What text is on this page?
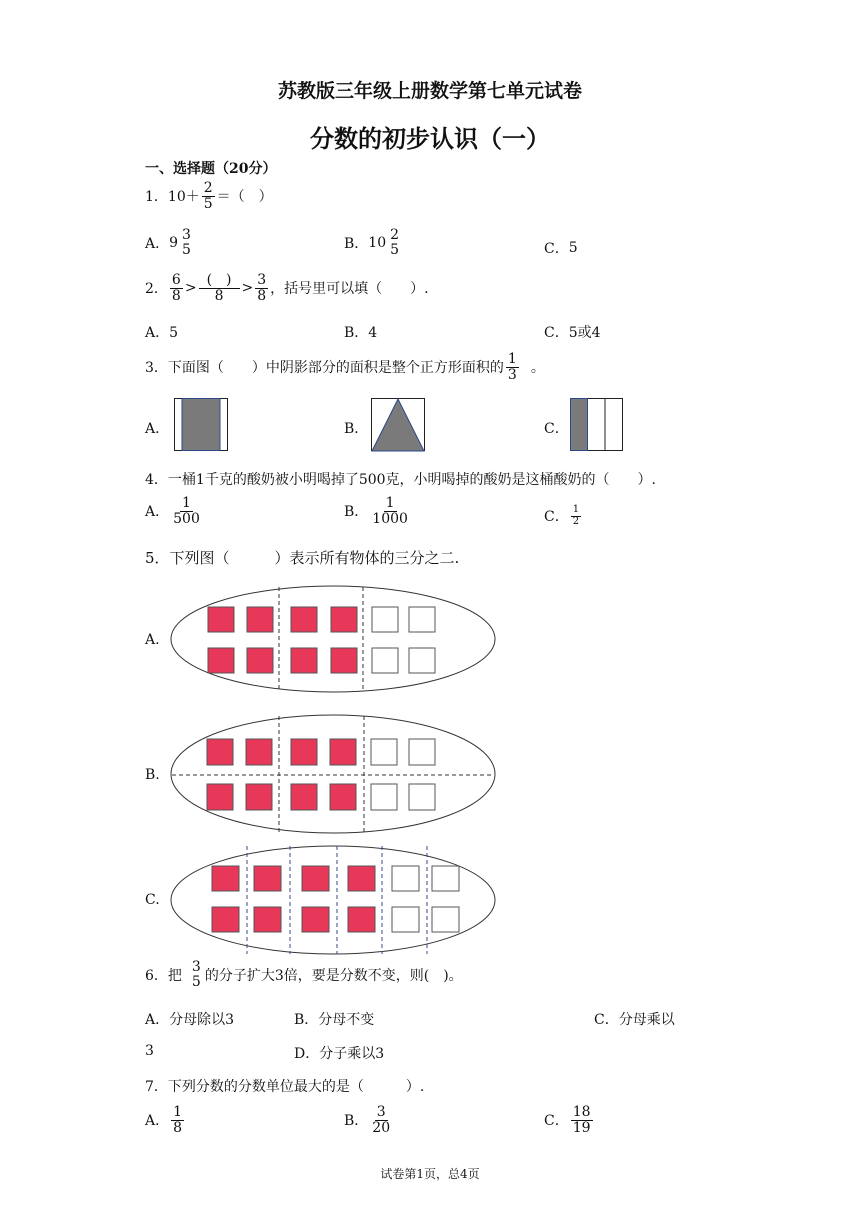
苏教版三年级上册数学第七单元试卷
分数的初步认识（一）
一、选择题（20分）
1． $10+ \frac{2}{5}$ ＝（　）
A． 9 3
5	B． 10 2
5	C． 5
2． $\frac{6}{8} > \frac{( )}{8} > \frac{3}{8}$ ，括号里可以填（　　）.
A．5	B．4	C．5或4
3． 下面图（　　）中阴影部分的面积是整个正方形面积的 $\frac{1}{3}$ 。
A．	B．	C．
4．一桶1千克的酸奶被小明喝掉了500克，小明喝掉的酸奶是这桶酸奶的（　　）.
A． $\frac{1}{500}$	B． $\frac{1}{1000}$	C． $\frac{1}{2}$
5．下列图（　　　）表示所有物体的三分之二.
A.
B.
C.
6． 把
3
5 的分子扩大3倍，要是分数不变，则(　)。
A．分母除以3	B．分母不变	C．分母乘以
3	D．分子乘以3
7．下列分数的分数单位最大的是（　　　）.
A． $\frac{1}{8}$	B． $\frac{3}{20}$	C． $\frac{18}{19}$
试卷第1页，总4页
